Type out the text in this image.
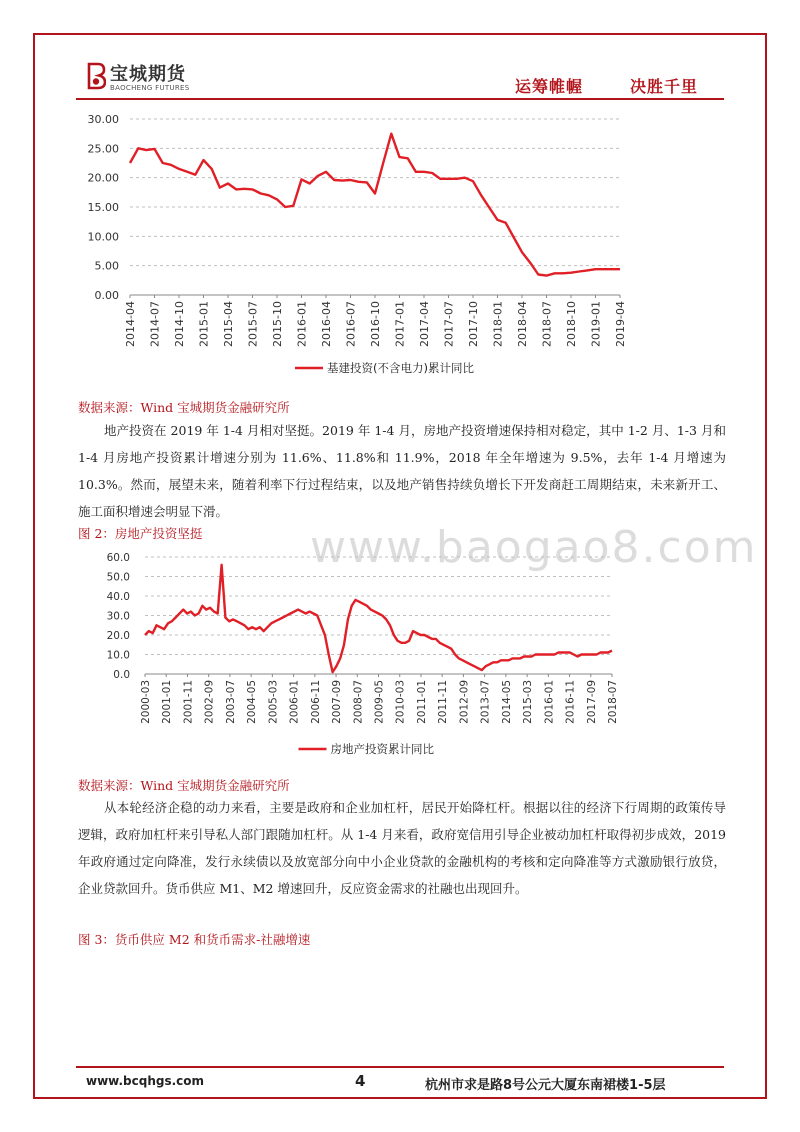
宝城期货
BAOCHENG FUTURES	运筹帷幄	决胜千里
0.00
5.00
10.00
15.00
20.00
25.00
30.00
2014-04 2014-07 2014-10 2015-01 2015-04 2015-07 2015-10 2016-01 2016-04 2016-07 2016-10 2017-01 2017-04 2017-07 2017-10 2018-01 2018-04 2018-07 2018-10 2019-01 2019-04
基建投资(不含电力)累计同比
数据来源：Wind 宝城期货金融研究所

地产投资在 2019 年 1-4 月相对坚挺。2019 年 1-4 月，房地产投资增速保持相对稳定，其中 1-2 月、1-3 月和 1-4 月房地产投资累计增速分别为 11.6%、11.8%和 11.9%，2018 年全年增速为 9.5%，去年 1-4 月增速为 10.3%。然而，展望未来，随着利率下行过程结束，以及地产销售持续负增长下开发商赶工周期结束，未来新开工、施工面积增速会明显下滑。

图 2：房地产投资坚挺 www.baogao8.com
0.0
10.0
20.0
30.0
40.0
50.0
60.0
2000-03 2001-01 2001-11 2002-09 2003-07 2004-05 2005-03 2006-01 2006-11 2007-09 2008-07 2009-05 2010-03 2011-01 2011-11 2012-09 2013-07 2014-05 2015-03 2016-01 2016-11 2017-09 2018-07
房地产投资累计同比
数据来源：Wind 宝城期货金融研究所

从本轮经济企稳的动力来看，主要是政府和企业加杠杆，居民开始降杠杆。根据以往的经济下行周期的政策传导逻辑，政府加杠杆来引导私人部门跟随加杠杆。从 1-4 月来看，政府宽信用引导企业被动加杠杆取得初步成效，2019 年政府通过定向降准，发行永续债以及放宽部分向中小企业贷款的金融机构的考核和定向降准等方式激励银行放贷，企业贷款回升。货币供应 M1、M2 增速回升，反应资金需求的社融也出现回升。

图 3：货币供应 M2 和货币需求-社融增速
www.bcqhgs.com	4	杭州市求是路8号公元大厦东南裙楼1-5层
